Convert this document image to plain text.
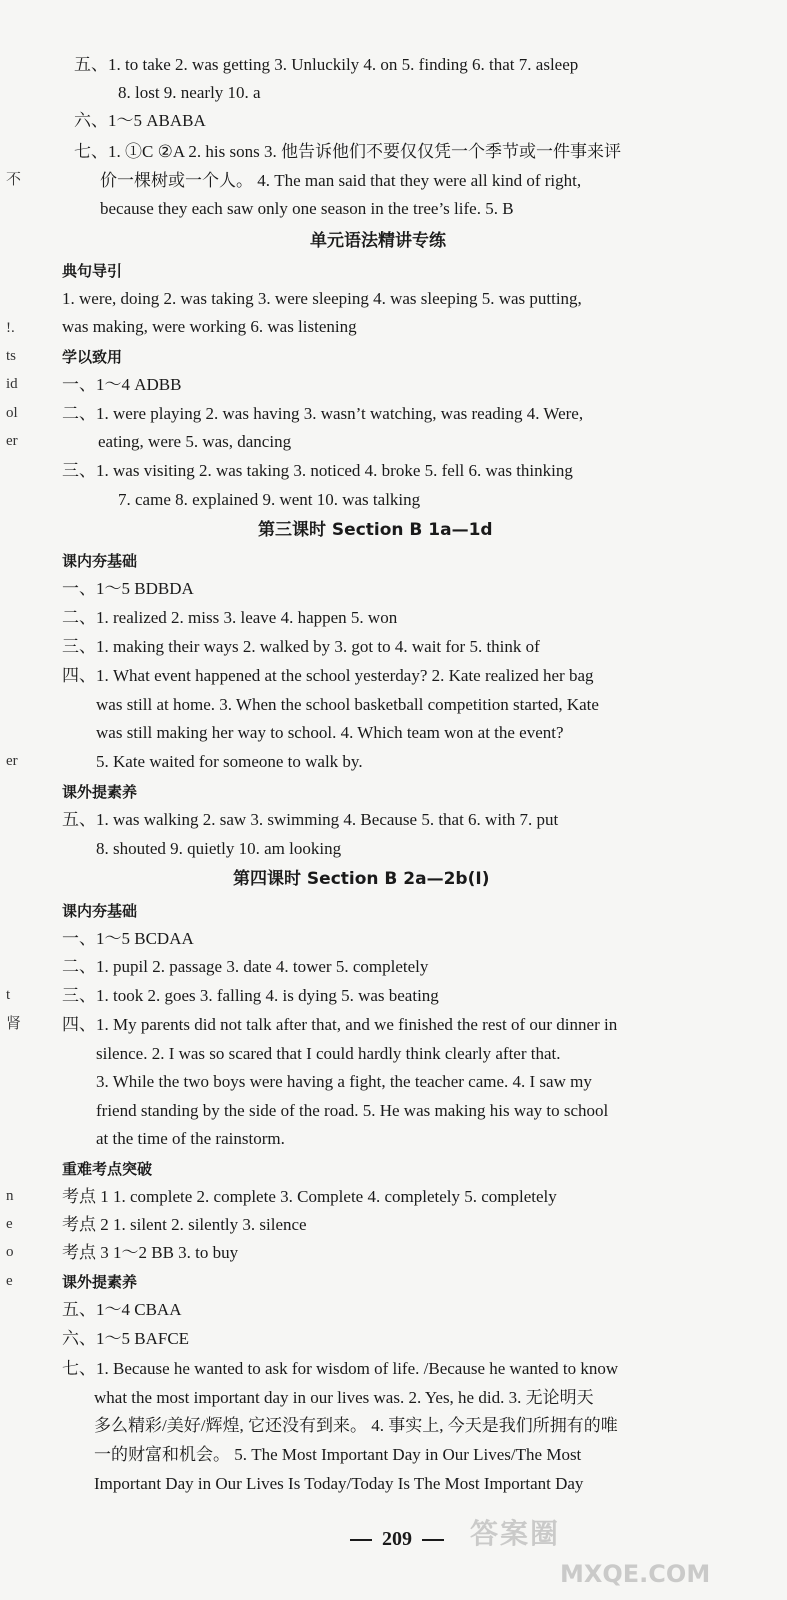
五、1. to take 2. was getting 3. Unluckily 4. on 5. finding 6. that 7. asleep
8. lost 9. nearly 10. a
六、1～5 ABABA
七、1. ①C ②A 2. his sons 3. 他告诉他们不要仅仅凭一个季节或一件事来评
价一棵树或一个人。 4. The man said that they were all kind of right,
because they each saw only one season in the tree’s life. 5. B
单元语法精讲专练
典句导引
1. were, doing 2. was taking 3. were sleeping 4. was sleeping 5. was putting,
was making, were working 6. was listening
学以致用
一、1～4 ADBB
二、1. were playing 2. was having 3. wasn’t watching, was reading 4. Were,
eating, were 5. was, dancing
三、1. was visiting 2. was taking 3. noticed 4. broke 5. fell 6. was thinking
7. came 8. explained 9. went 10. was talking
第三课时 Section B 1a—1d
课内夯基础
一、1～5 BDBDA
二、1. realized 2. miss 3. leave 4. happen 5. won
三、1. making their ways 2. walked by 3. got to 4. wait for 5. think of
四、1. What event happened at the school yesterday? 2. Kate realized her bag
was still at home. 3. When the school basketball competition started, Kate
was still making her way to school. 4. Which team won at the event?
5. Kate waited for someone to walk by.
课外提素养
五、1. was walking 2. saw 3. swimming 4. Because 5. that 6. with 7. put
8. shouted 9. quietly 10. am looking
第四课时 Section B 2a—2b(Ⅰ)
课内夯基础
一、1～5 BCDAA
二、1. pupil 2. passage 3. date 4. tower 5. completely
三、1. took 2. goes 3. falling 4. is dying 5. was beating
四、1. My parents did not talk after that, and we finished the rest of our dinner in
silence. 2. I was so scared that I could hardly think clearly after that.
3. While the two boys were having a fight, the teacher came. 4. I saw my
friend standing by the side of the road. 5. He was making his way to school
at the time of the rainstorm.
重难考点突破
考点 1 1. complete 2. complete 3. Complete 4. completely 5. completely
考点 2 1. silent 2. silently 3. silence
考点 3 1～2 BB 3. to buy
课外提素养
五、1～4 CBAA
六、1～5 BAFCE
七、1. Because he wanted to ask for wisdom of life. /Because he wanted to know
what the most important day in our lives was. 2. Yes, he did. 3. 无论明天
多么精彩/美好/辉煌, 它还没有到来。 4. 事实上, 今天是我们所拥有的唯
一的财富和机会。 5. The Most Important Day in Our Lives/The Most
Important Day in Our Lives Is Today/Today Is The Most Important Day
不
!.
ts
id
ol
er
er
t
肾
n
e
o
e
209	答案圈
MXQE.COM
